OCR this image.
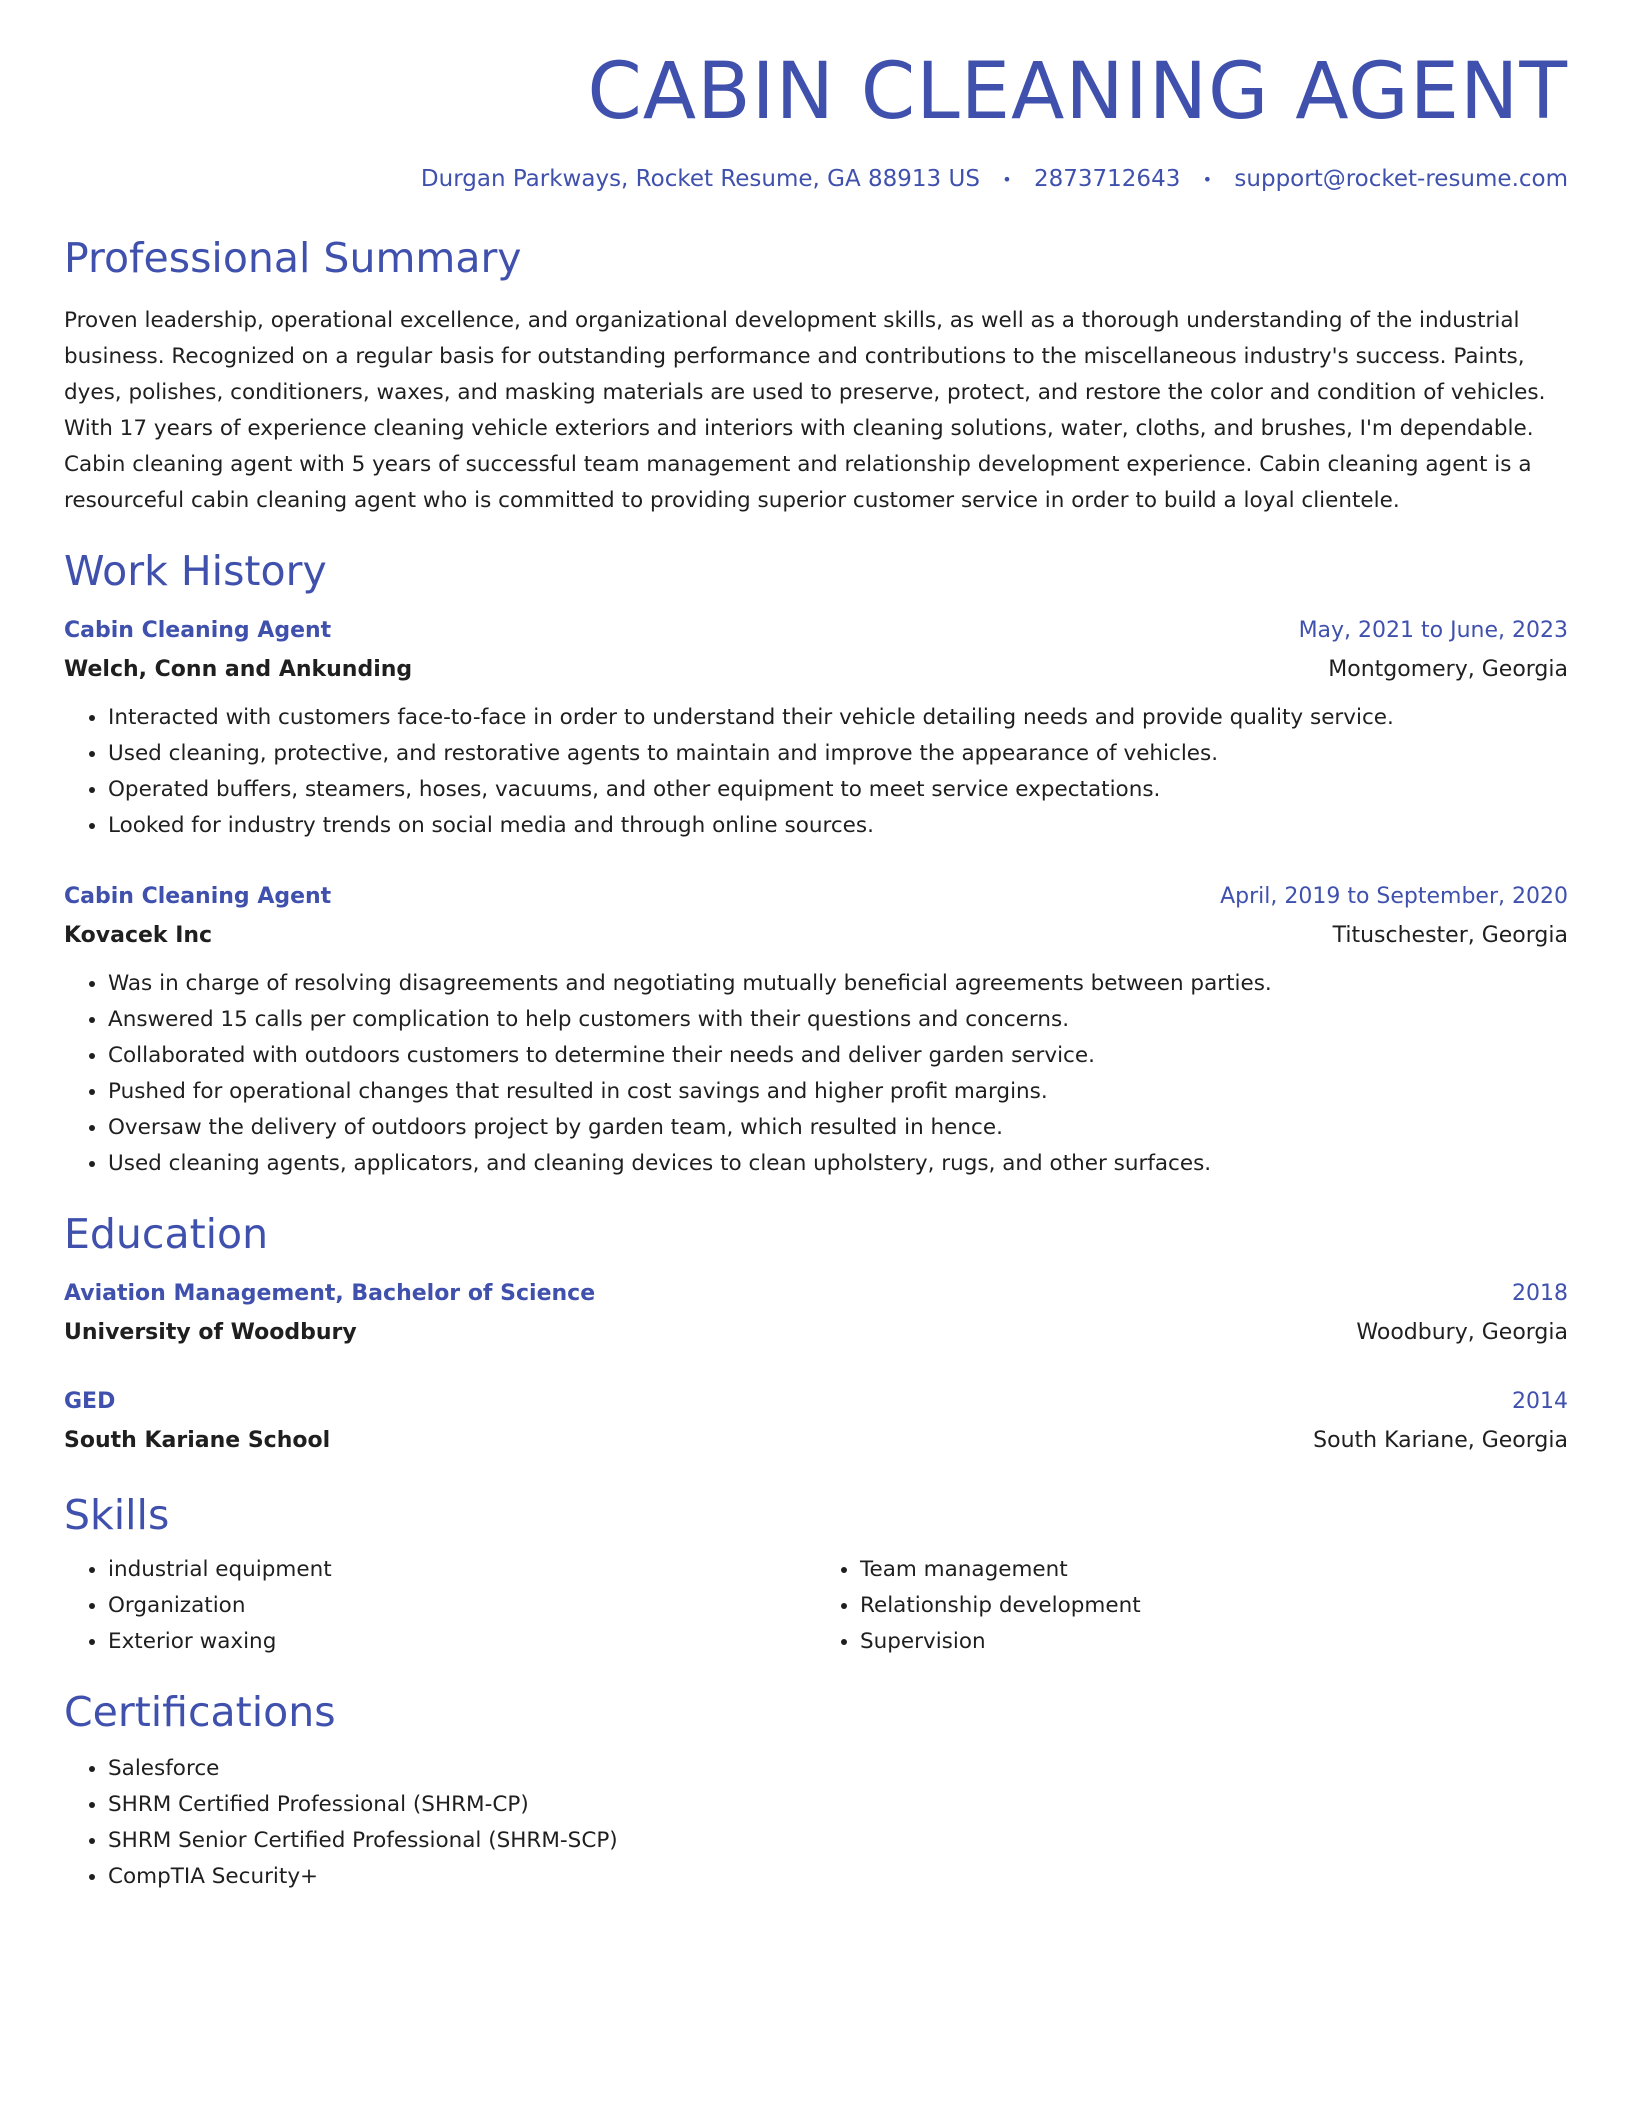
CABIN CLEANING AGENT
Durgan Parkways, Rocket Resume, GA 88913 US • 2873712643 • support@rocket-resume.com
Professional Summary
Proven leadership, operational excellence, and organizational development skills, as well as a thorough understanding of the industrial business. Recognized on a regular basis for outstanding performance and contributions to the miscellaneous industry's success. Paints, dyes, polishes, conditioners, waxes, and masking materials are used to preserve, protect, and restore the color and condition of vehicles. With 17 years of experience cleaning vehicle exteriors and interiors with cleaning solutions, water, cloths, and brushes, I'm dependable. Cabin cleaning agent with 5 years of successful team management and relationship development experience. Cabin cleaning agent is a resourceful cabin cleaning agent who is committed to providing superior customer service in order to build a loyal clientele.
Work History
Cabin Cleaning Agent	May, 2021 to June, 2023
Welch, Conn and Ankunding	Montgomery, Georgia
• Interacted with customers face-to-face in order to understand their vehicle detailing needs and provide quality service.
• Used cleaning, protective, and restorative agents to maintain and improve the appearance of vehicles.
• Operated buffers, steamers, hoses, vacuums, and other equipment to meet service expectations.
• Looked for industry trends on social media and through online sources.
Cabin Cleaning Agent	April, 2019 to September, 2020
Kovacek Inc	Tituschester, Georgia
• Was in charge of resolving disagreements and negotiating mutually beneficial agreements between parties.
• Answered 15 calls per complication to help customers with their questions and concerns.
• Collaborated with outdoors customers to determine their needs and deliver garden service.
• Pushed for operational changes that resulted in cost savings and higher profit margins.
• Oversaw the delivery of outdoors project by garden team, which resulted in hence.
• Used cleaning agents, applicators, and cleaning devices to clean upholstery, rugs, and other surfaces.
Education
Aviation Management, Bachelor of Science	2018
University of Woodbury	Woodbury, Georgia
GED	2014
South Kariane School	South Kariane, Georgia
Skills
• industrial equipment
• Organization
• Exterior waxing
• Team management
• Relationship development
• Supervision
Certifications
• Salesforce
• SHRM Certified Professional (SHRM-CP)
• SHRM Senior Certified Professional (SHRM-SCP)
• CompTIA Security+
